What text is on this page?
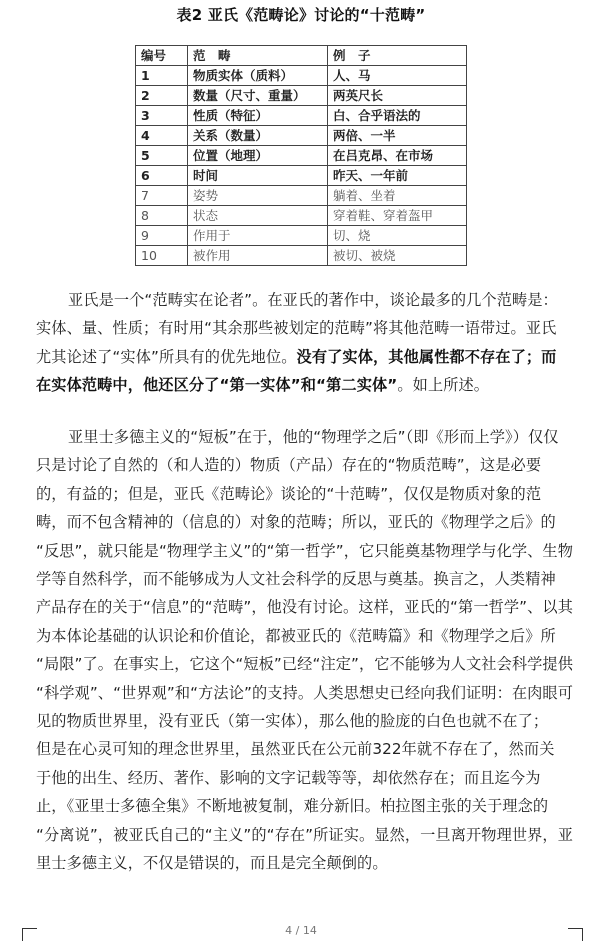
表2 亚氏《范畴论》讨论的“十范畴”
编号	范　畴	例　子
1	物质实体（质料）	人、马
2	数量（尺寸、重量）	两英尺长
3	性质（特征）	白、合乎语法的
4	关系（数量）	两倍、一半
5	位置（地理）	在吕克昂、在市场
6	时间	昨天、一年前
7	姿势	躺着、坐着
8	状态	穿着鞋、穿着盔甲
9	作用于	切、烧
10	被作用	被切、被烧

亚氏是一个“范畴实在论者”。在亚氏的著作中，谈论最多的几个范畴是：
实体、量、性质；有时用“其余那些被划定的范畴”将其他范畴一语带过。亚氏
尤其论述了“实体”所具有的优先地位。没有了实体，其他属性都不存在了；而
在实体范畴中，他还区分了“第一实体”和“第二实体”。如上所述。

亚里士多德主义的“短板”在于，他的“物理学之后”（即《形而上学》）仅仅
只是讨论了自然的（和人造的）物质（产品）存在的“物质范畴”，这是必要
的，有益的；但是，亚氏《范畴论》谈论的“十范畴”，仅仅是物质对象的范
畴，而不包含精神的（信息的）对象的范畴；所以，亚氏的《物理学之后》的
“反思”，就只能是“物理学主义”的“第一哲学”，它只能奠基物理学与化学、生物
学等自然科学，而不能够成为人文社会科学的反思与奠基。换言之，人类精神
产品存在的关于“信息”的“范畴”，他没有讨论。这样，亚氏的“第一哲学”、以其
为本体论基础的认识论和价值论，都被亚氏的《范畴篇》和《物理学之后》所
“局限”了。在事实上，它这个“短板”已经“注定”，它不能够为人文社会科学提供
“科学观”、“世界观”和“方法论”的支持。人类思想史已经向我们证明：在肉眼可
见的物质世界里，没有亚氏（第一实体），那么他的脸庞的白色也就不在了；
但是在心灵可知的理念世界里，虽然亚氏在公元前322年就不存在了，然而关
于他的出生、经历、著作、影响的文字记载等等，却依然存在；而且迄今为
止，《亚里士多德全集》不断地被复制，难分新旧。柏拉图主张的关于理念的
“分离说”，被亚氏自己的“主义”的“存在”所证实。显然，一旦离开物理世界，亚
里士多德主义，不仅是错误的，而且是完全颠倒的。

4 / 14
